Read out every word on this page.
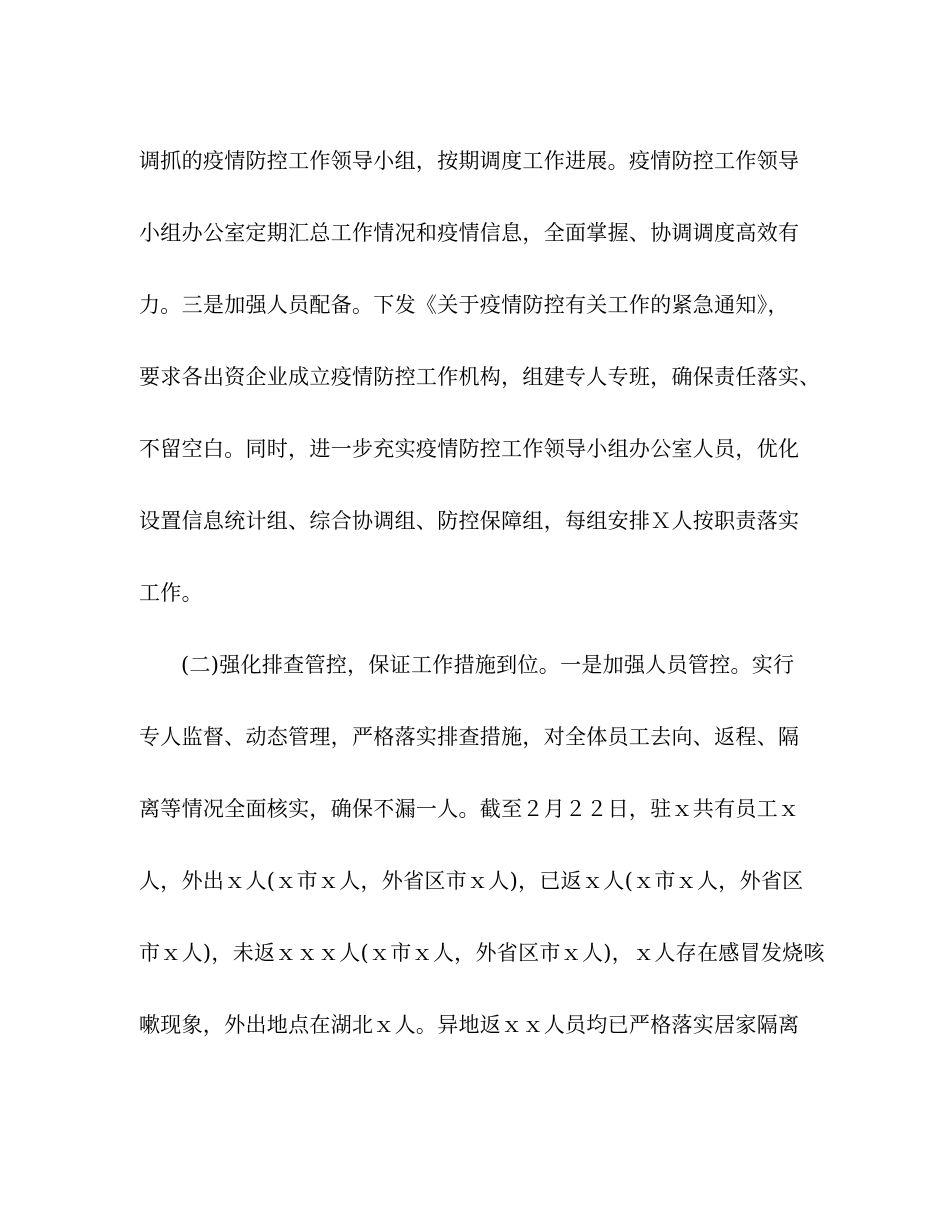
调抓的疫情防控工作领导小组，按期调度工作进展。疫情防控工作领导
小组办公室定期汇总工作情况和疫情信息，全面掌握、协调调度高效有
力。三是加强人员配备。下发《关于疫情防控有关工作的紧急通知》，
要求各出资企业成立疫情防控工作机构，组建专人专班，确保责任落实、
不留空白。同时，进一步充实疫情防控工作领导小组办公室人员，优化
设置信息统计组、综合协调组、防控保障组，每组安排Ｘ人按职责落实
工作。
(二)强化排查管控，保证工作措施到位。一是加强人员管控。实行
专人监督、动态管理，严格落实排查措施，对全体员工去向、返程、隔
离等情况全面核实，确保不漏一人。截至２月２２日，驻ｘ共有员工ｘ
人，外出ｘ人(ｘ市ｘ人，外省区市ｘ人)，已返ｘ人(ｘ市ｘ人，外省区
市ｘ人)，未返ｘｘｘ人(ｘ市ｘ人，外省区市ｘ人)，ｘ人存在感冒发烧咳
嗽现象，外出地点在湖北ｘ人。异地返ｘｘ人员均已严格落实居家隔离
